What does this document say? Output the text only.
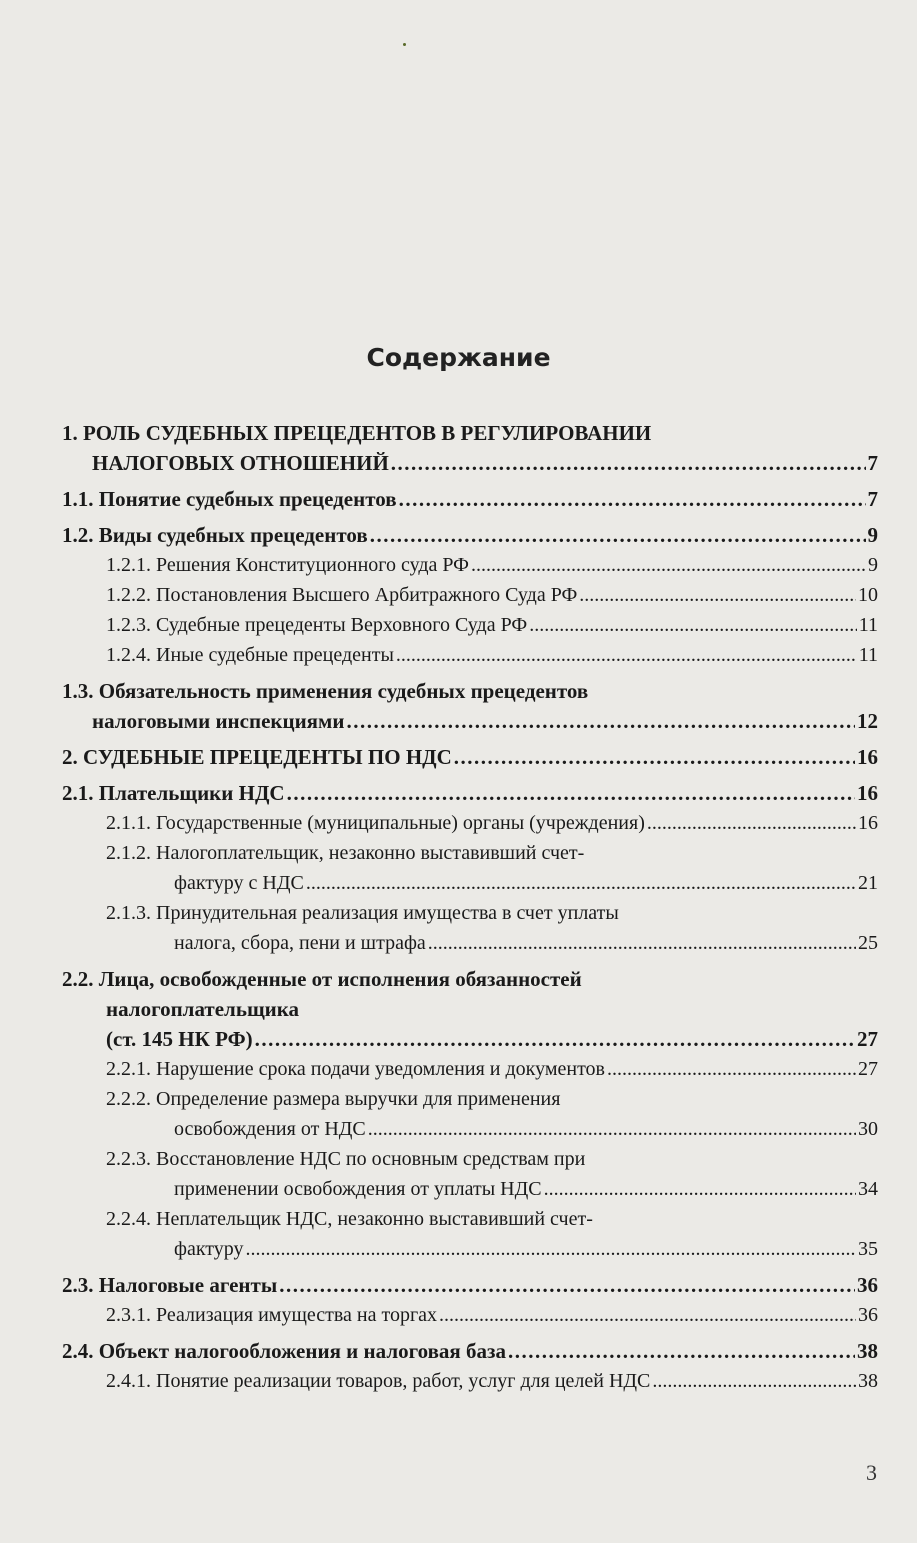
Содержание
1. РОЛЬ СУДЕБНЫХ ПРЕЦЕДЕНТОВ В РЕГУЛИРОВАНИИ
НАЛОГОВЫХ ОТНОШЕНИЙ .....	7
1.1. Понятие судебных прецедентов .....	7
1.2. Виды судебных прецедентов .....	9
1.2.1. Решения Конституционного суда РФ .....	9
1.2.2. Постановления Высшего Арбитражного Суда РФ .....	10
1.2.3. Судебные прецеденты Верховного Суда РФ .....	11
1.2.4. Иные судебные прецеденты .....	11
1.3. Обязательность применения судебных прецедентов
налоговыми инспекциями .....	12
2. СУДЕБНЫЕ ПРЕЦЕДЕНТЫ ПО НДС .....	16
2.1. Плательщики НДС .....	16
2.1.1. Государственные (муниципальные) органы (учреждения) .....	16
2.1.2. Налогоплательщик, незаконно выставивший счет-
фактуру с НДС .....	21
2.1.3. Принудительная реализация имущества в счет уплаты
налога, сбора, пени и штрафа .....	25
2.2. Лица, освобожденные от исполнения обязанностей
налогоплательщика
(ст. 145 НК РФ) .....	27
2.2.1. Нарушение срока подачи уведомления и документов .....	27
2.2.2. Определение размера выручки для применения
освобождения от НДС .....	30
2.2.3. Восстановление НДС по основным средствам при
применении освобождения от уплаты НДС .....	34
2.2.4. Неплательщик НДС, незаконно выставивший счет-
фактуру .....	35
2.3. Налоговые агенты .....	36
2.3.1. Реализация имущества на торгах .....	36
2.4. Объект налогообложения и налоговая база .....	38
2.4.1. Понятие реализации товаров, работ, услуг для целей НДС .....	38
3
